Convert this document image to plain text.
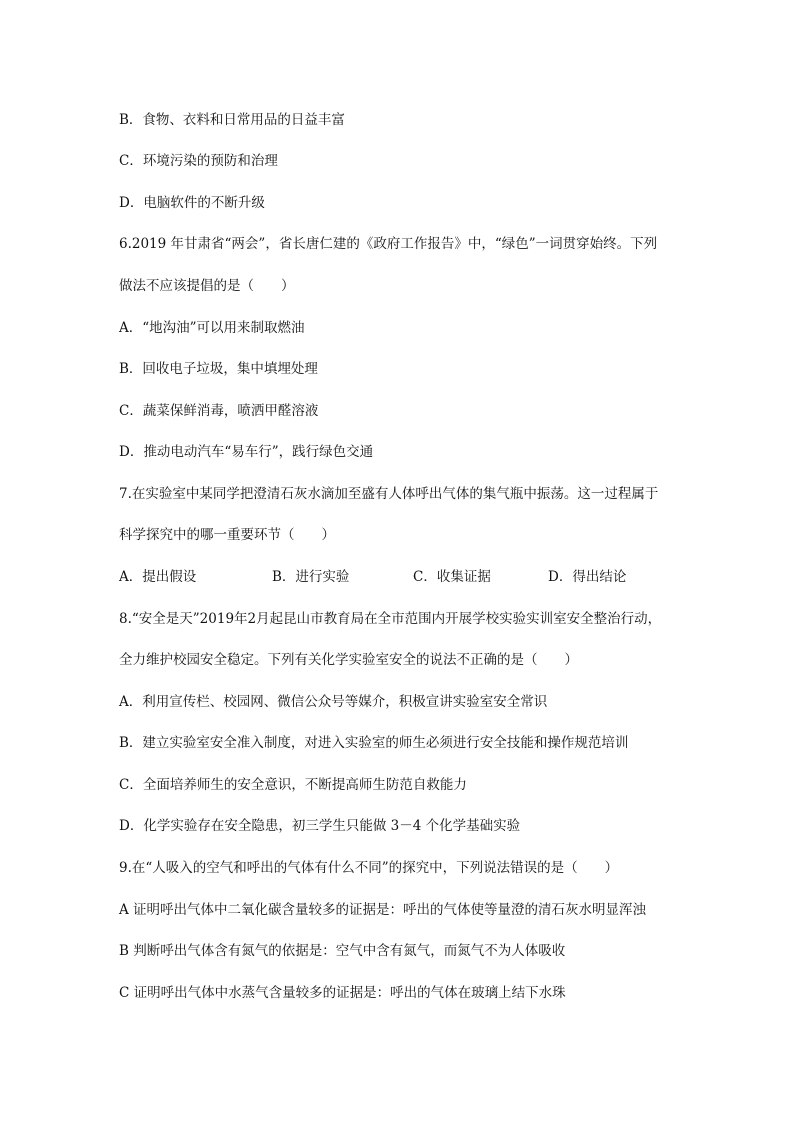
B．食物、衣料和日常用品的日益丰富
C．环境污染的预防和治理
D．电脑软件的不断升级
6.2019 年甘肃省“两会”，省长唐仁建的《政府工作报告》中，“绿色”一词贯穿始终。下列
做法不应该提倡的是（　　）
A．“地沟油”可以用来制取燃油
B．回收电子垃圾，集中填埋处理
C．蔬菜保鲜消毒，喷洒甲醛溶液
D．推动电动汽车“易车行”，践行绿色交通
7.在实验室中某同学把澄清石灰水滴加至盛有人体呼出气体的集气瓶中振荡。这一过程属于
科学探究中的哪一重要环节（　　）
A．提出假设	B．进行实验	C．收集证据	D．得出结论
8.“安全是天”2019年2月起昆山市教育局在全市范围内开展学校实验实训室安全整治行动，
全力维护校园安全稳定。下列有关化学实验室安全的说法不正确的是（　　）
A．利用宣传栏、校园网、微信公众号等媒介，积极宣讲实验室安全常识
B．建立实验室安全准入制度，对进入实验室的师生必须进行安全技能和操作规范培训
C．全面培养师生的安全意识，不断提高师生防范自救能力
D．化学实验存在安全隐患，初三学生只能做 3－4 个化学基础实验
9.在“人吸入的空气和呼出的气体有什么不同”的探究中，下列说法错误的是（　　）
A 证明呼出气体中二氧化碳含量较多的证据是：呼出的气体使等量澄的清石灰水明显浑浊
B 判断呼出气体含有氮气的依据是：空气中含有氮气，而氮气不为人体吸收
C 证明呼出气体中水蒸气含量较多的证据是：呼出的气体在玻璃上结下水珠
